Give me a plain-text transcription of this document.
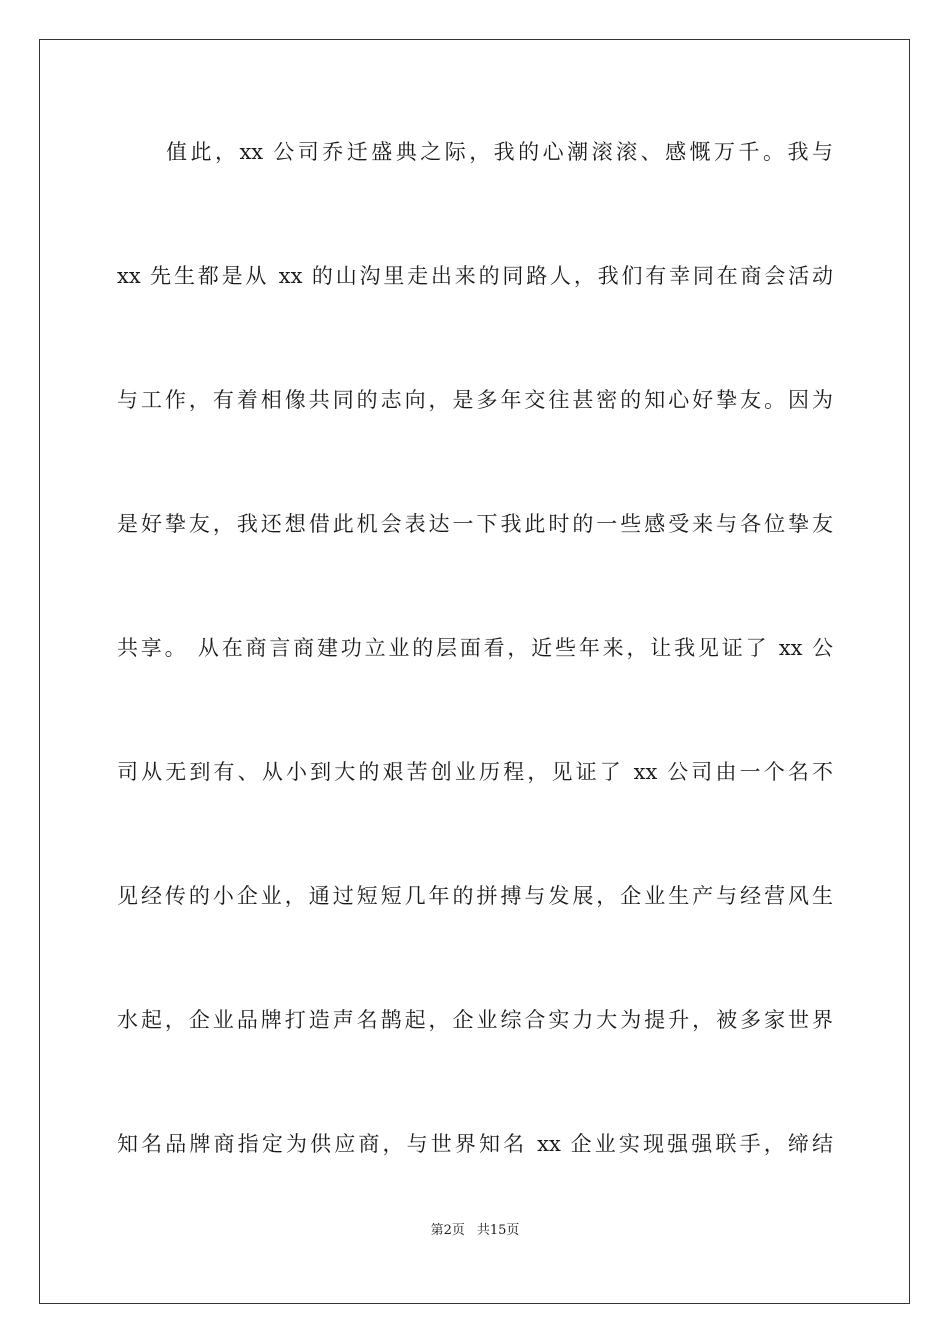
值此，xx 公司乔迁盛典之际，我的心潮滚滚、感慨万千。我与
xx 先生都是从 xx 的山沟里走出来的同路人，我们有幸同在商会活动
与工作，有着相像共同的志向，是多年交往甚密的知心好挚友。因为
是好挚友，我还想借此机会表达一下我此时的一些感受来与各位挚友
共享。 从在商言商建功立业的层面看，近些年来，让我见证了 xx 公
司从无到有、从小到大的艰苦创业历程，见证了 xx 公司由一个名不
见经传的小企业，通过短短几年的拼搏与发展，企业生产与经营风生
水起，企业品牌打造声名鹊起，企业综合实力大为提升，被多家世界
知名品牌商指定为供应商，与世界知名 xx 企业实现强强联手，缔结
第2页 共15页
